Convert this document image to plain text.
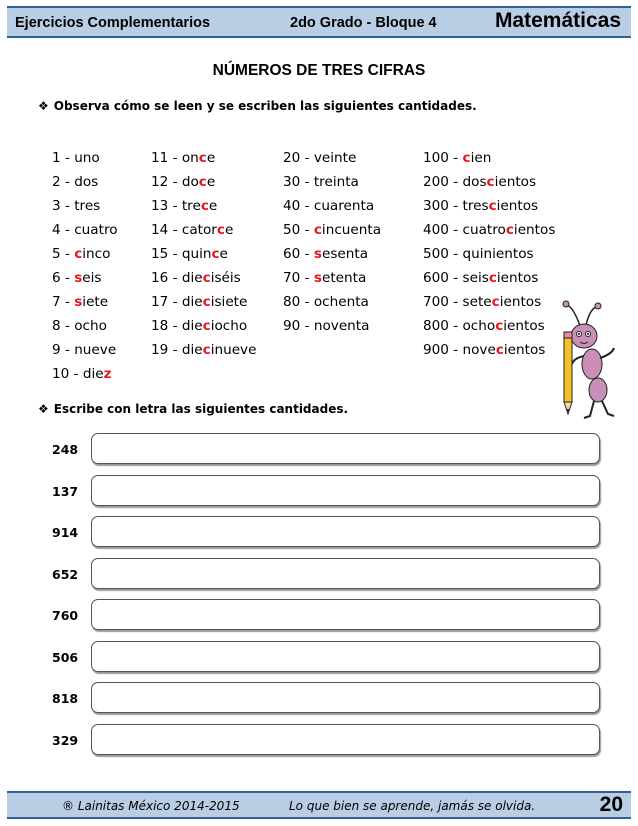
Ejercicios Complementarios	2do Grado - Bloque 4	Matemáticas
NÚMEROS DE TRES CIFRAS
❖ Observa cómo se leen y se escriben las siguientes cantidades.
1 - uno
2 - dos
3 - tres
4 - cuatro
5 - cinco
6 - seis
7 - siete
8 - ocho
9 - nueve
10 - diez
11 - once
12 - doce
13 - trece
14 - catorce
15 - quince
16 - dieciséis
17 - diecisiete
18 - dieciocho
19 - diecinueve
20 - veinte
30 - treinta
40 - cuarenta
50 - cincuenta
60 - sesenta
70 - setenta
80 - ochenta
90 - noventa
100 - cien
200 - doscientos
300 - trescientos
400 - cuatrocientos
500 - quinientos
600 - seiscientos
700 - setecientos
800 - ochocientos
900 - novecientos
❖ Escribe con letra las siguientes cantidades.
248
137
914
652
760
506
818
329
® Lainitas México 2014-2015	Lo que bien se aprende, jamás se olvida.	20
